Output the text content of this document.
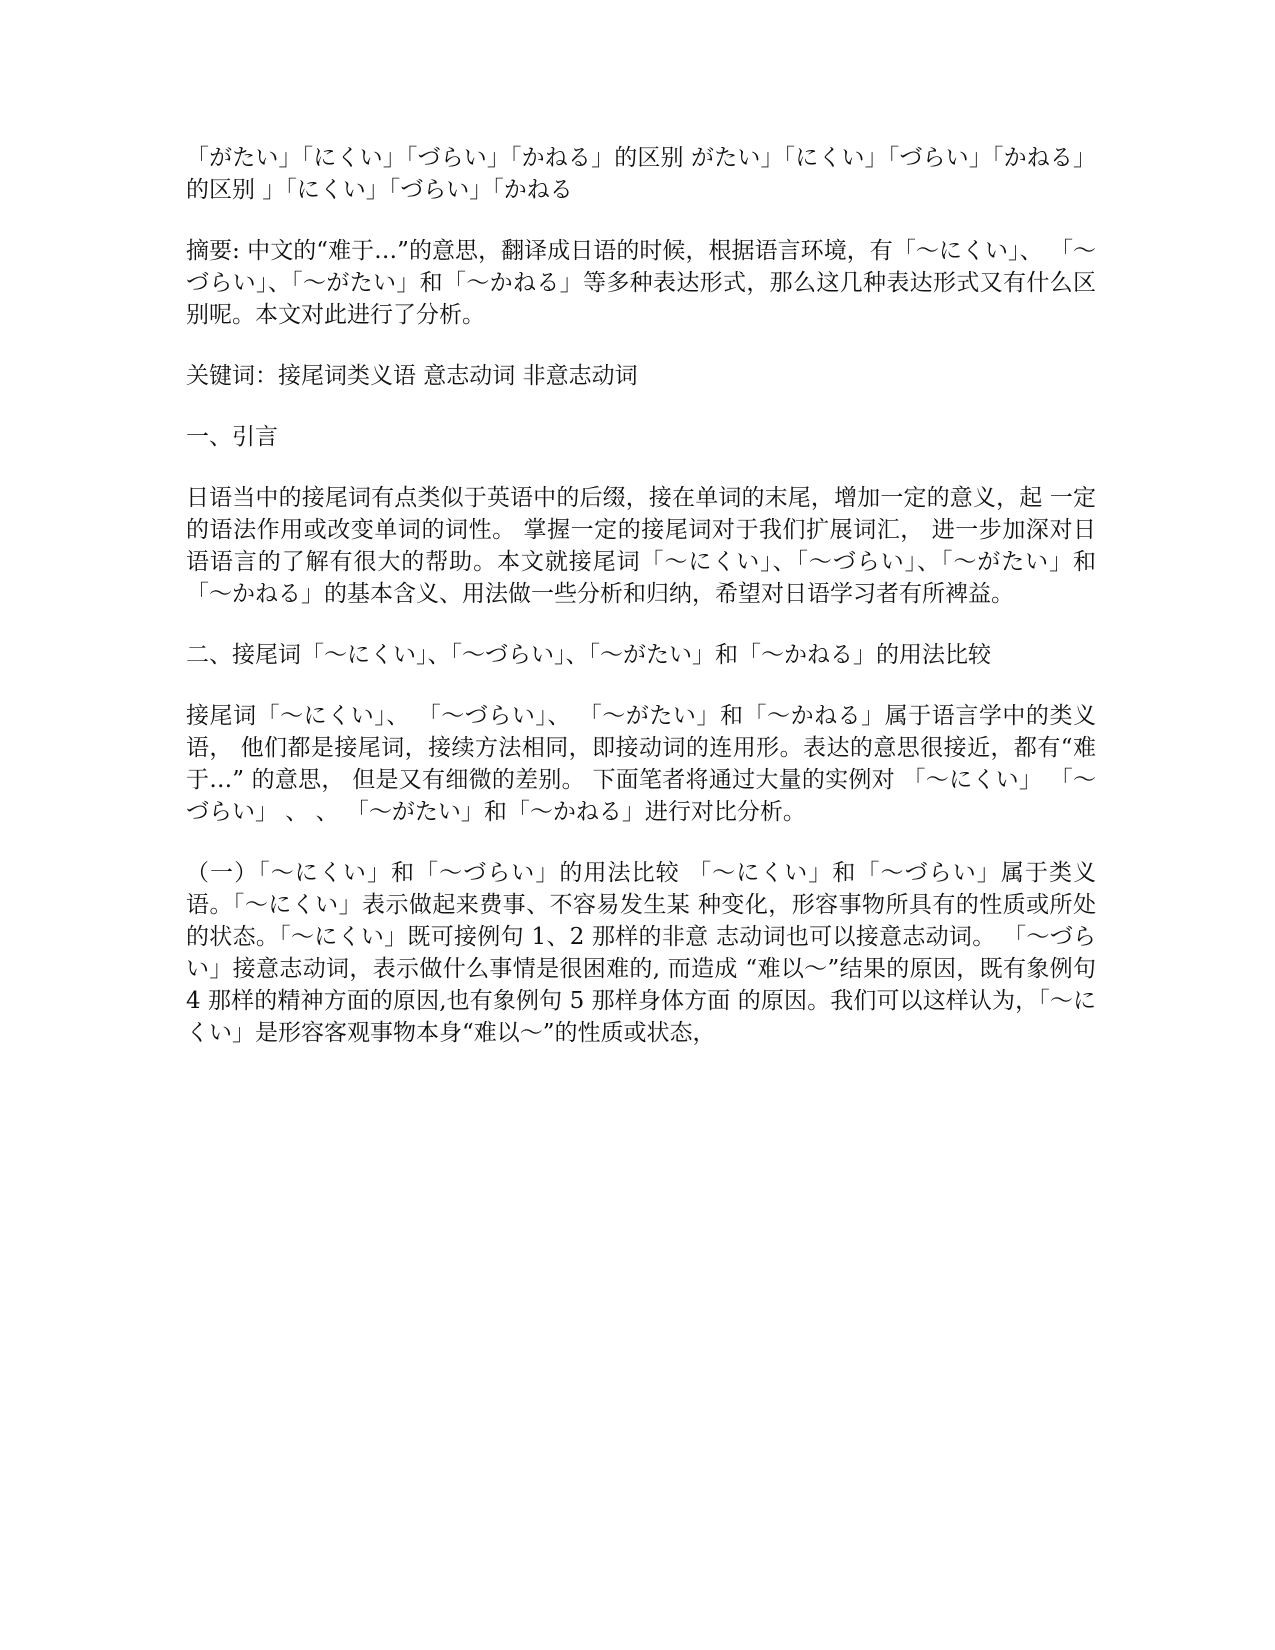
「がたい」「にくい」「づらい」「かねる」的区别 がたい」「にくい」「づらい」「かねる」的区别 」「にくい」「づらい」「かねる

摘要: 中文的“难于…”的意思，翻译成日语的时候，根据语言环境，有「～にくい」、 「～ づらい」、「～がたい」和「～かねる」等多种表达形式，那么这几种表达形式又有什么区 别呢。本文对此进行了分析。

关键词：接尾词类义语 意志动词 非意志动词

一、引言

日语当中的接尾词有点类似于英语中的后缀，接在单词的末尾，增加一定的意义，起 一定的语法作用或改变单词的词性。 掌握一定的接尾词对于我们扩展词汇， 进一步加深对日 语语言的了解有很大的帮助。本文就接尾词「～にくい」、「～づらい」、「～がたい」和 「～かねる」的基本含义、用法做一些分析和归纳，希望对日语学习者有所裨益。

二、接尾词「～にくい」、「～づらい」、「～がたい」和「～かねる」的用法比较

接尾词「～にくい」、 「～づらい」、 「～がたい」和「～かねる」属于语言学中的类义语， 他们都是接尾词，接续方法相同，即接动词的连用形。表达的意思很接近，都有“难于…” 的意思， 但是又有细微的差别。 下面笔者将通过大量的实例对 「～にくい」 「～づらい」 、 、 「～がたい」和「～かねる」进行对比分析。

（一）「～にくい」和「～づらい」的用法比较 「～にくい」和「～づらい」属于类义语。「～にくい」表示做起来费事、不容易发生某 种变化，形容事物所具有的性质或所处的状态。「～にくい」既可接例句 1、2 那样的非意 志动词也可以接意志动词。 「～づらい」接意志动词，表示做什么事情是很困难的, 而造成 “难以～”结果的原因，既有象例句 4 那样的精神方面的原因,也有象例句 5 那样身体方面 的原因。我们可以这样认为，「～にくい」是形容客观事物本身“难以～”的性质或状态，
